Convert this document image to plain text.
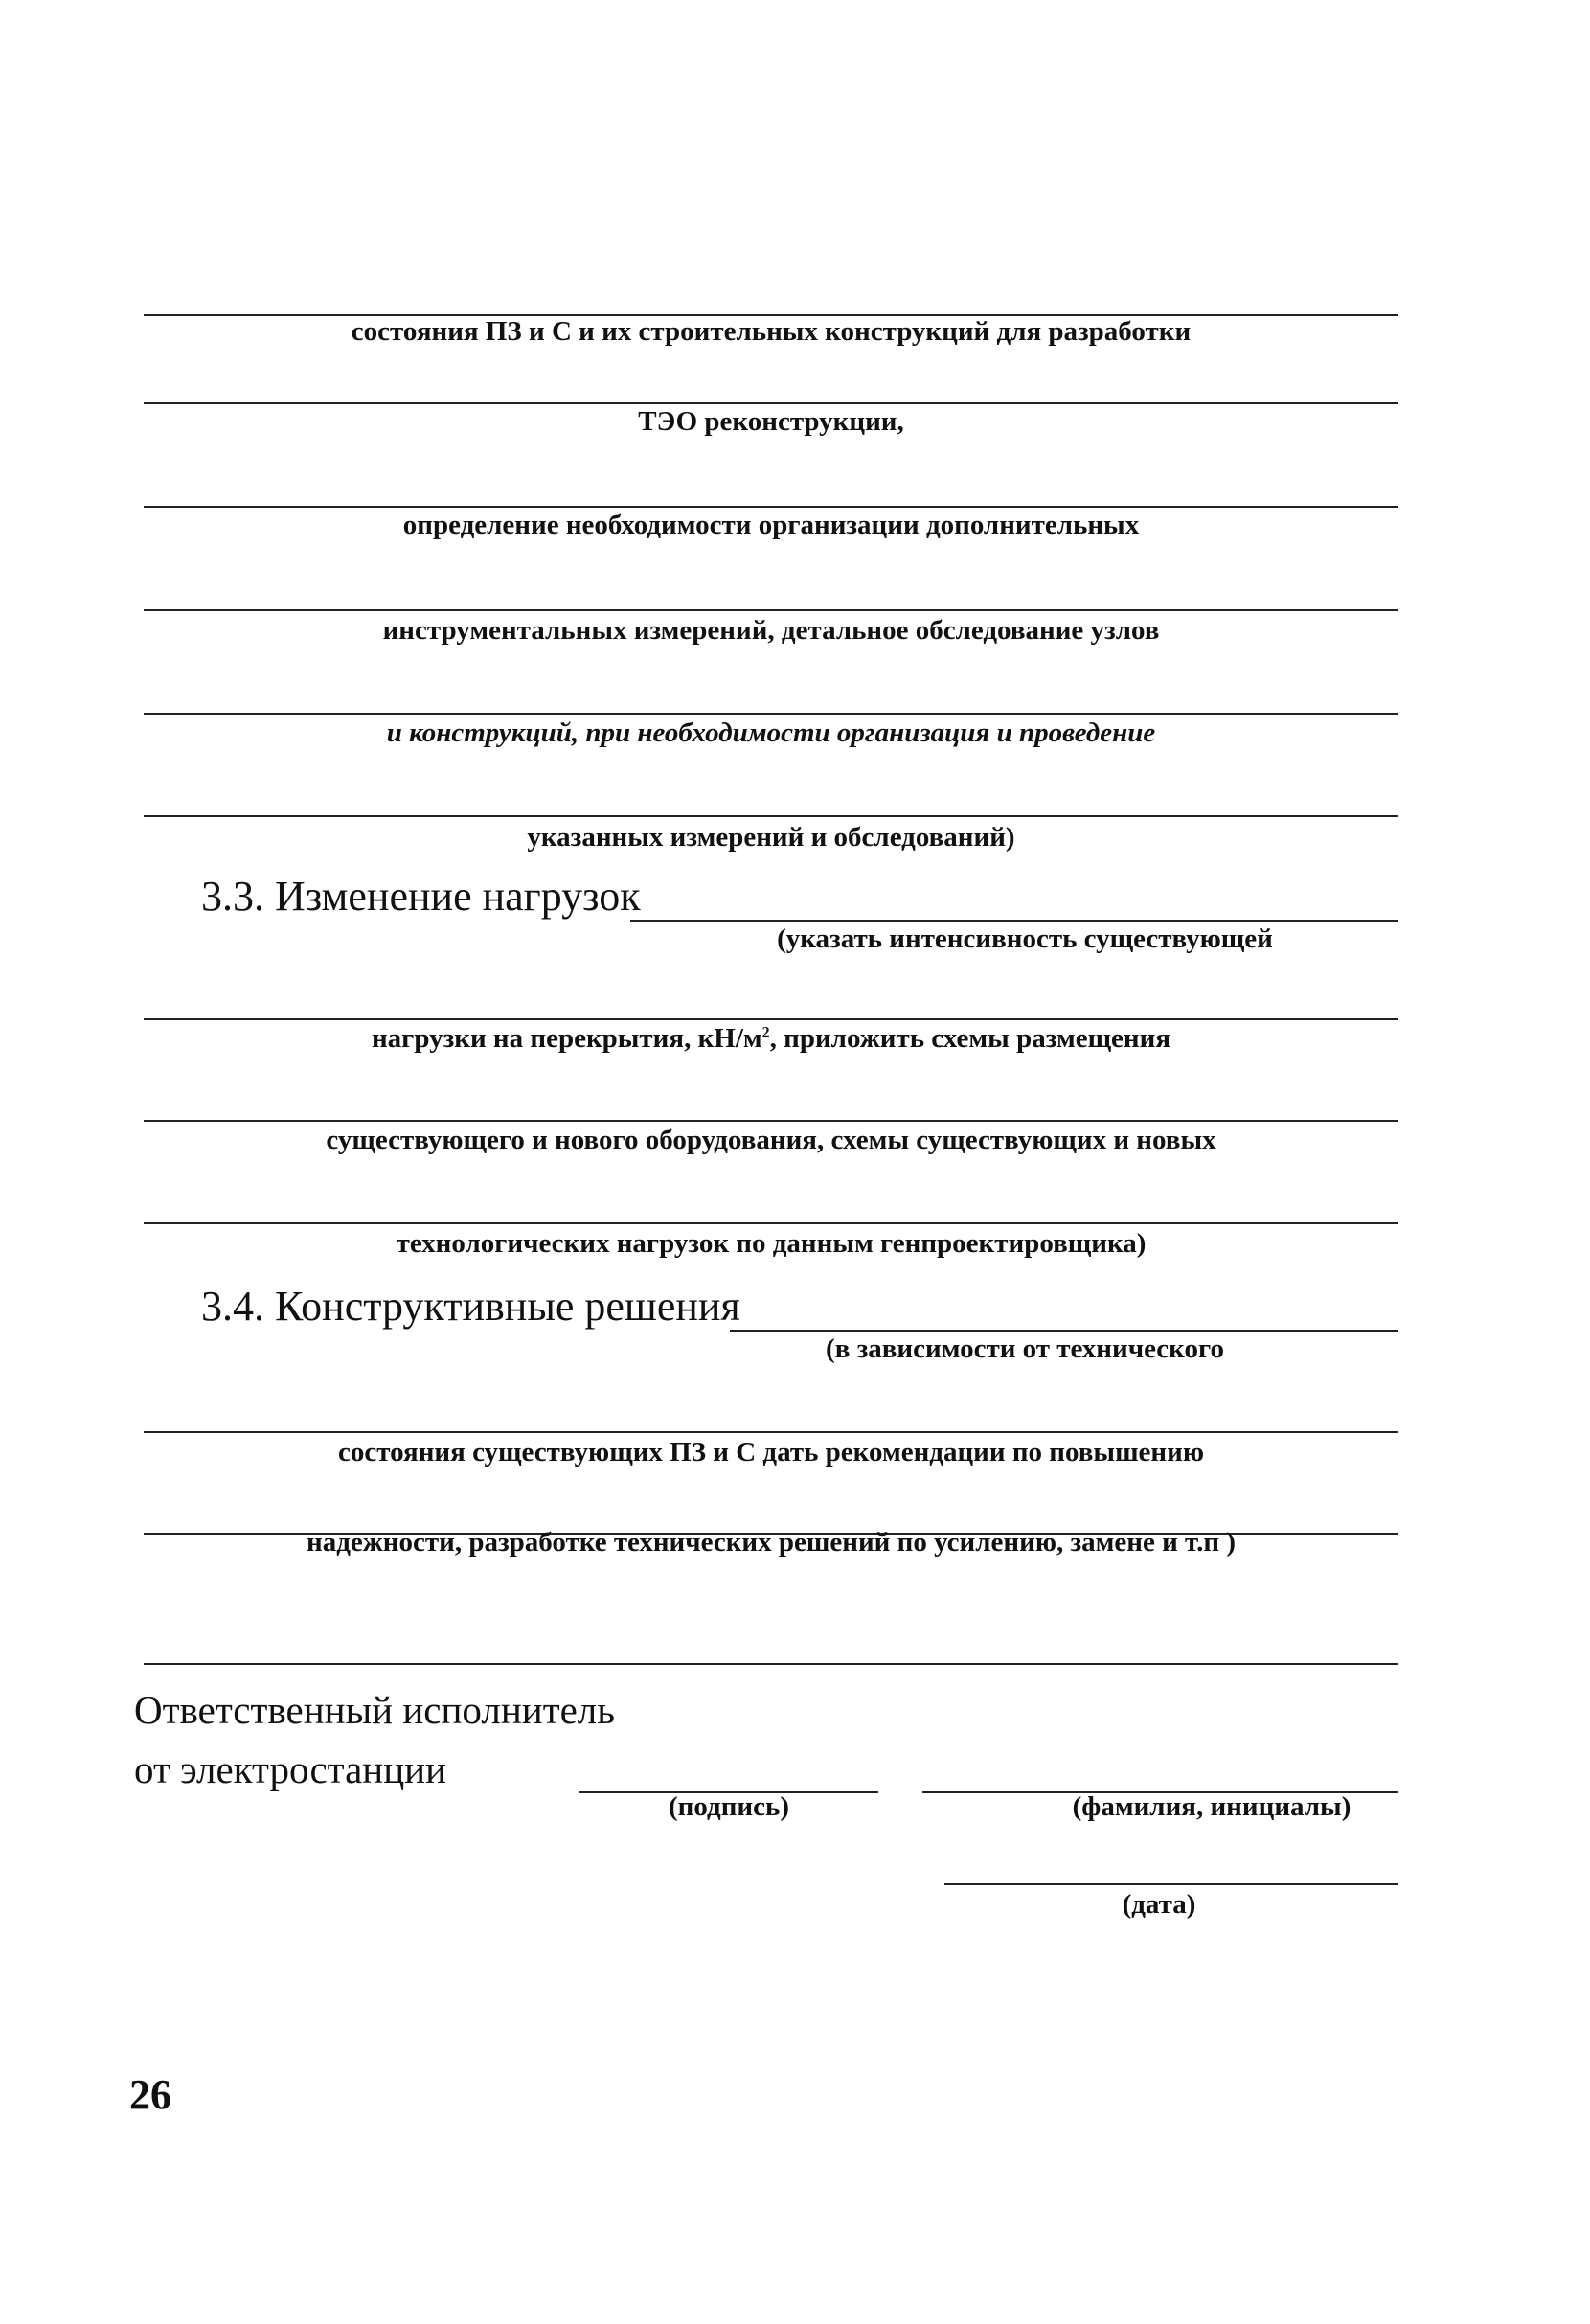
состояния ПЗ и С и их строительных конструкций для разработки
ТЭО реконструкции,
определение необходимости организации дополнительных
инструментальных измерений, детальное обследование узлов
и конструкций, при необходимости организация и проведение
указанных измерений и обследований)
3.3. Изменение нагрузок
(указать интенсивность существующей
нагрузки на перекрытия, $кН/м^2$, приложить схемы размещения
существующего и нового оборудования, схемы существующих и новых
технологических нагрузок по данным генпроектировщика)
3.4. Конструктивные решения
(в зависимости от технического
состояния существующих ПЗ и С дать рекомендации по повышению
надежности, разработке технических решений по усилению, замене и т.п )
Ответственный исполнитель
от электростанции
(подпись)	(фамилия, инициалы)
(дата)
26
